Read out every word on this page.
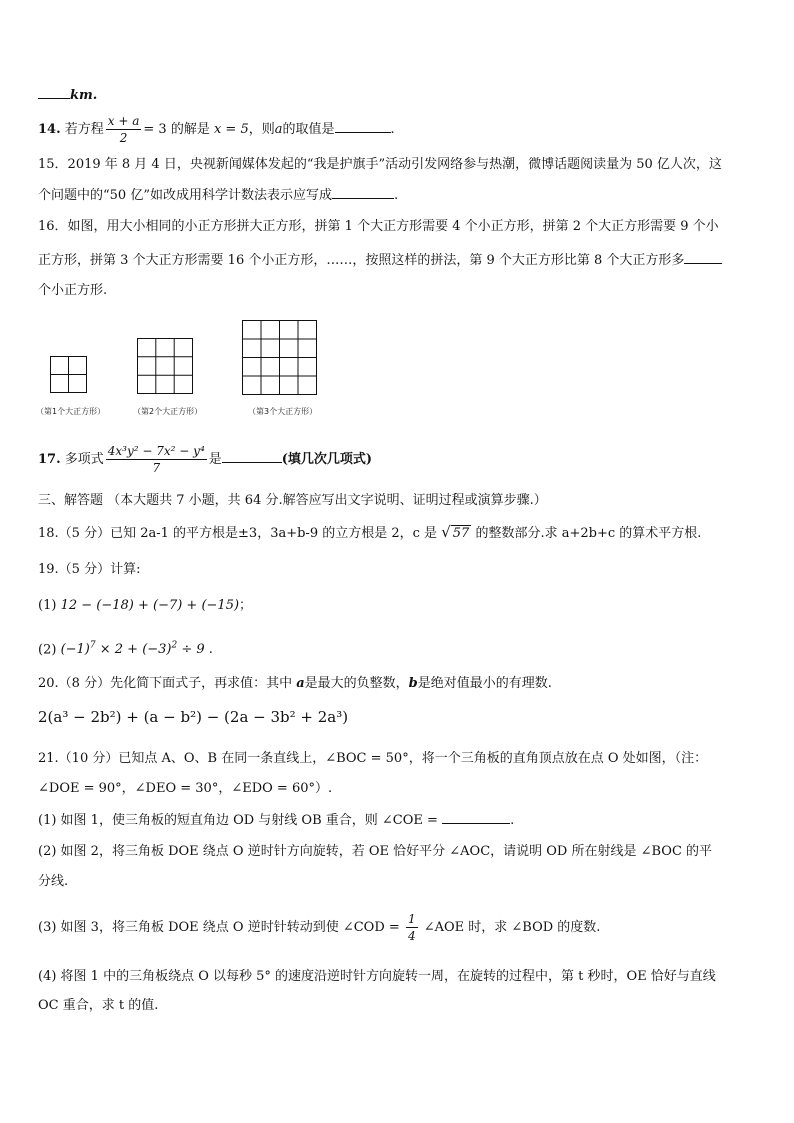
km.
14. 若方程 $\frac{x + a}{2} = 3$ 的解是 x = 5，则a的取值是	.
15．2019 年 8 月 4 日，央视新闻媒体发起的“我是护旗手”活动引发网络参与热潮，微博话题阅读量为 50 亿人次，这
个问题中的“50 亿”如改成用科学计数法表示应写成	.
16．如图，用大小相同的小正方形拼大正方形，拼第 1 个大正方形需要 4 个小正方形，拼第 2 个大正方形需要 9 个小
正方形，拼第 3 个大正方形需要 16 个小正方形，……，按照这样的拼法，第 9 个大正方形比第 8 个大正方形多
个小正方形.
（第1个大正方形）	（第2个大正方形）	（第3个大正方形）
17. 多项式 $\frac{\text{4x³y² − 7x² − y⁴}}{7}$ 是	(填几次几项式)
三、解答题 （本大题共 7 小题，共 64 分.解答应写出文字说明、证明过程或演算步骤.）
18.（5 分）已知 2a-1 的平方根是±3，3a+b-9 的立方根是 2，c 是 √ 57 的整数部分.求 a+2b+c 的算术平方根.
19.（5 分）计算:
(1) 12 − (−18) + (−7) + (−15)；
(2) $(-1)^7 \times 2 + (-3)^2 \div 9$ .
20.（8 分）先化简下面式子，再求值：其中 a是最大的负整数，b是绝对值最小的有理数.
2(a³ − 2b²) + (a − b²) − (2a − 3b² + 2a³)
21.（10 分）已知点 A、O、B 在同一条直线上，∠BOC = 50°，将一个三角板的直角顶点放在点 O 处如图，（注：
∠DOE = 90°，∠DEO = 30°，∠EDO = 60°）.
(1) 如图 1，使三角板的短直角边 OD 与射线 OB 重合，则 ∠COE =	.
(2) 如图 2，将三角板 DOE 绕点 O 逆时针方向旋转，若 OE 恰好平分 ∠AOC，请说明 OD 所在射线是 ∠BOC 的平
分线.
(3) 如图 3，将三角板 DOE 绕点 O 逆时针转动到使 ∠COD = $\frac{1}{4}$ ∠AOE 时，求 ∠BOD 的度数.
(4) 将图 1 中的三角板绕点 O 以每秒 5° 的速度沿逆时针方向旋转一周，在旋转的过程中，第 t 秒时，OE 恰好与直线
OC 重合，求 t 的值.
